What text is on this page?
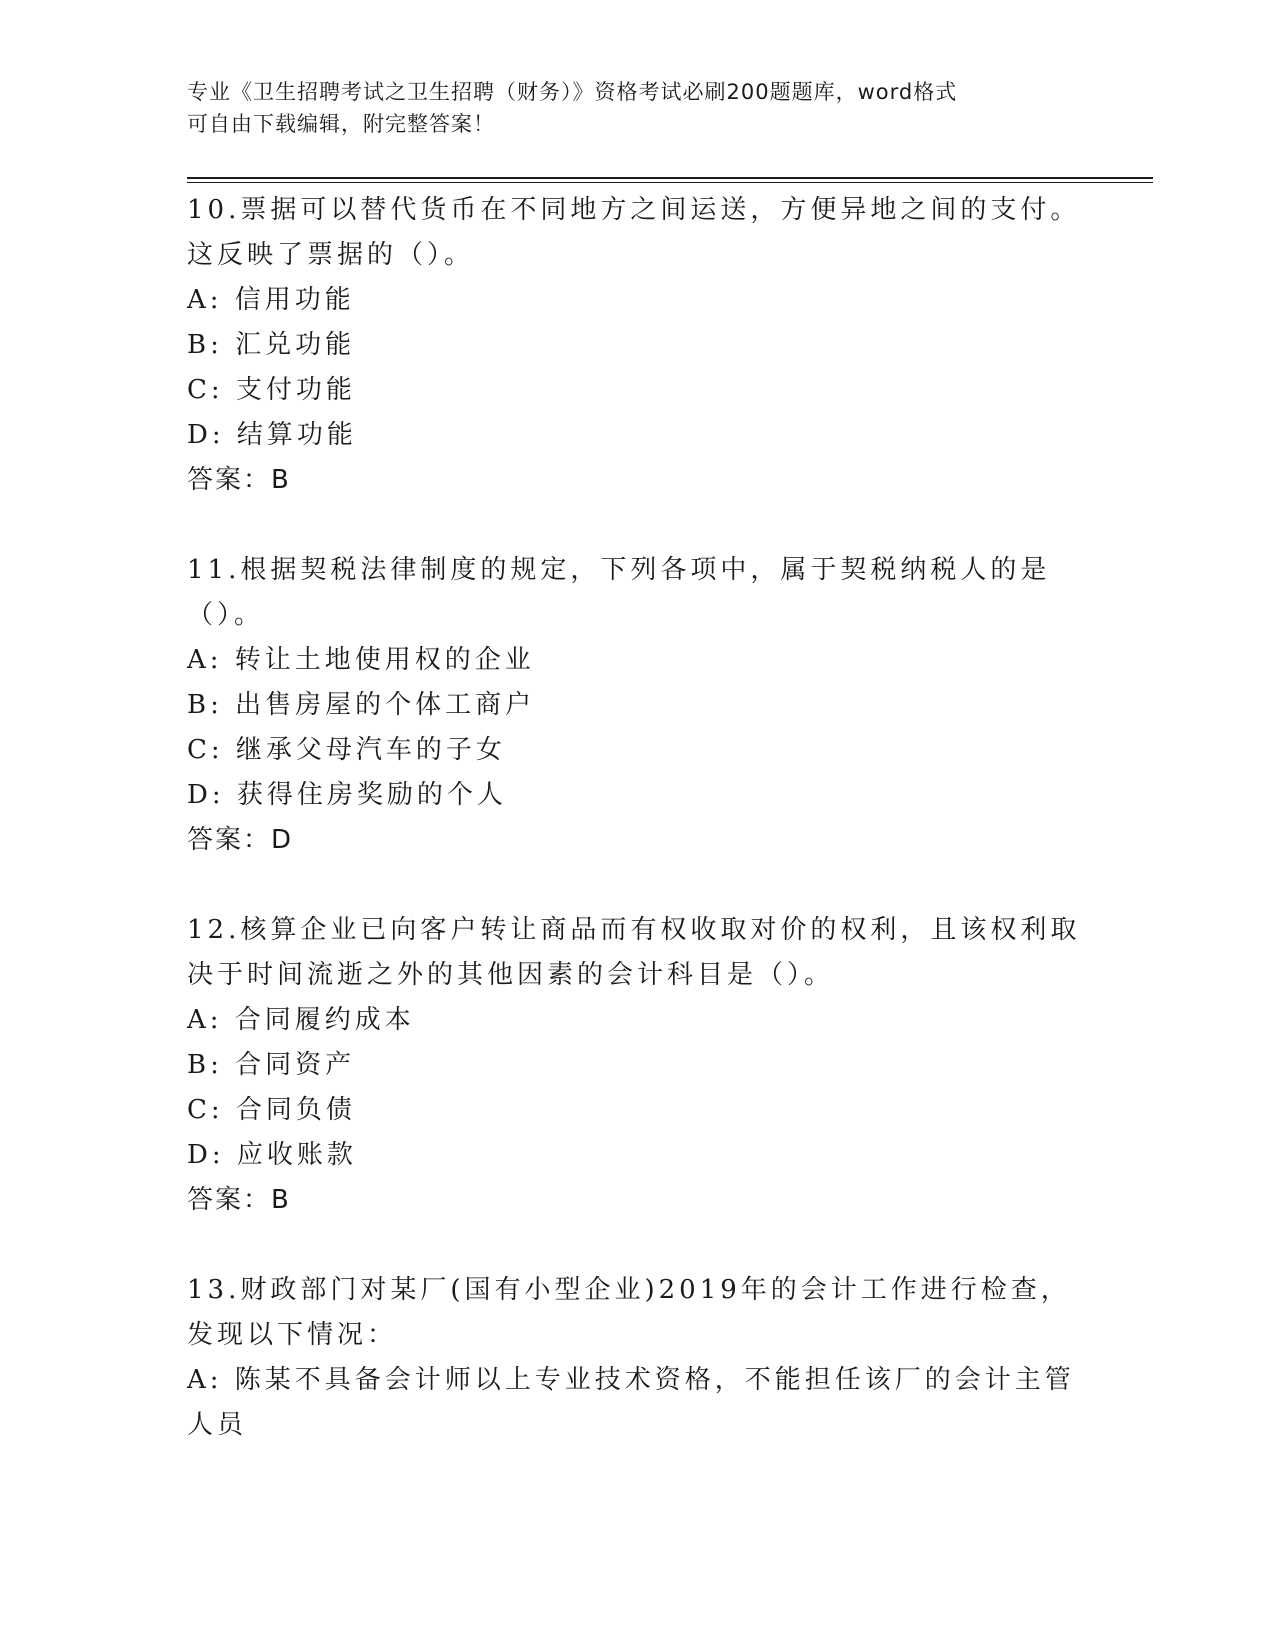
专业《卫生招聘考试之卫生招聘（财务）》资格考试必刷200题题库，word格式
可自由下载编辑，附完整答案！

10.票据可以替代货币在不同地方之间运送，方便异地之间的支付。这反映了票据的（）。

A: 信用功能
B: 汇兑功能
C: 支付功能
D: 结算功能
答案：B

11.根据契税法律制度的规定，下列各项中，属于契税纳税人的是（）。

A: 转让土地使用权的企业
B: 出售房屋的个体工商户
C: 继承父母汽车的子女
D: 获得住房奖励的个人
答案：D

12.核算企业已向客户转让商品而有权收取对价的权利，且该权利取决于时间流逝之外的其他因素的会计科目是（）。

A: 合同履约成本
B: 合同资产
C: 合同负债
D: 应收账款
答案：B

13.财政部门对某厂(国有小型企业)2019年的会计工作进行检查，发现以下情况：

A: 陈某不具备会计师以上专业技术资格，不能担任该厂的会计主管人员
